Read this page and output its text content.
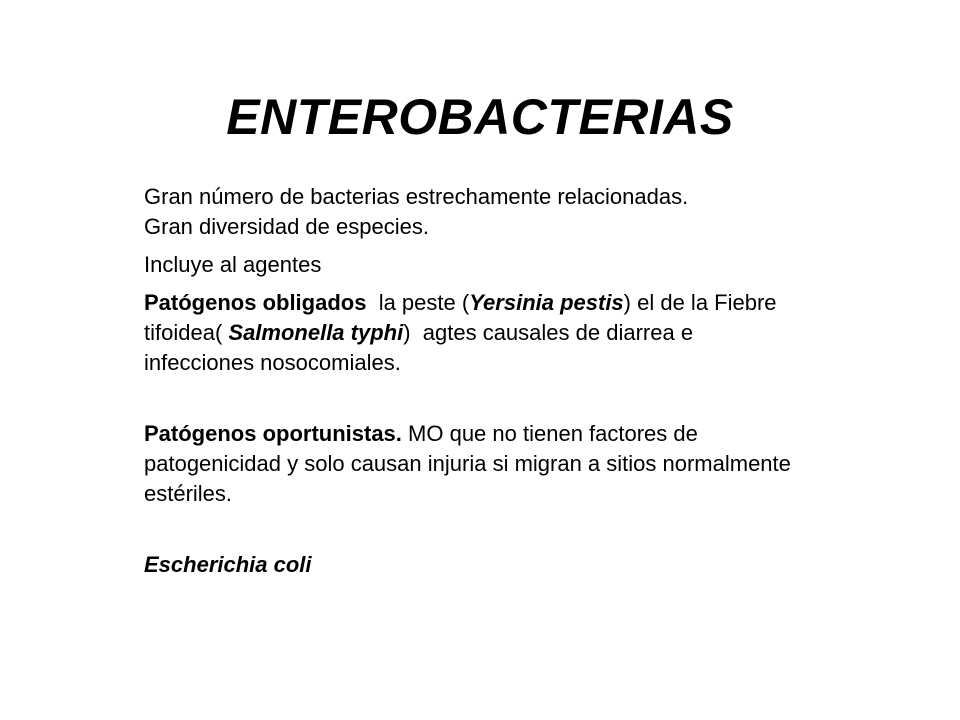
ENTEROBACTERIAS
Gran número de bacterias estrechamente relacionadas.
Gran diversidad de especies.
Incluye al agentes
Patógenos obligados  la peste (Yersinia pestis) el de la Fiebre tifoidea( Salmonella typhi)  agtes causales de diarrea e infecciones nosocomiales.
Patógenos oportunistas. MO que no tienen factores de patogenicidad y solo causan injuria si migran a sitios normalmente estériles.
Escherichia coli
